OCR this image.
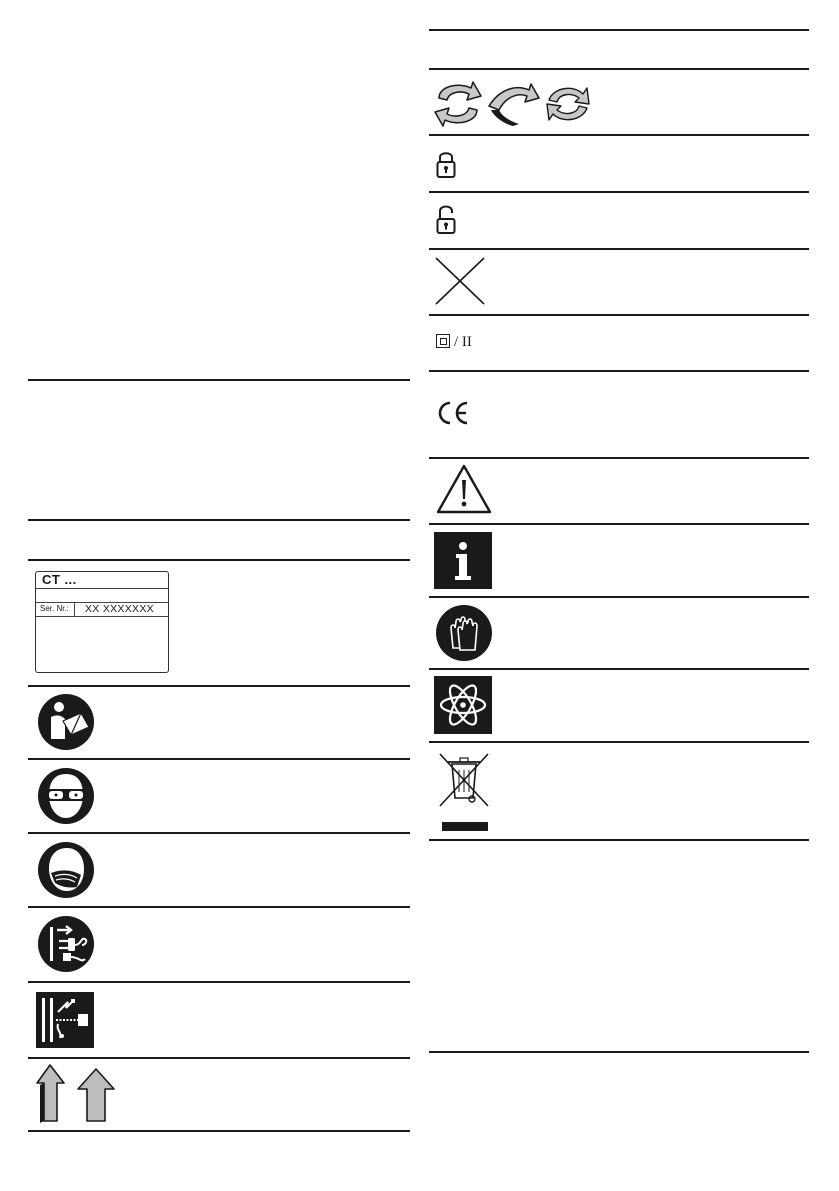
CT ...
Ser. Nr.:	XX XXXXXXX
/ II
